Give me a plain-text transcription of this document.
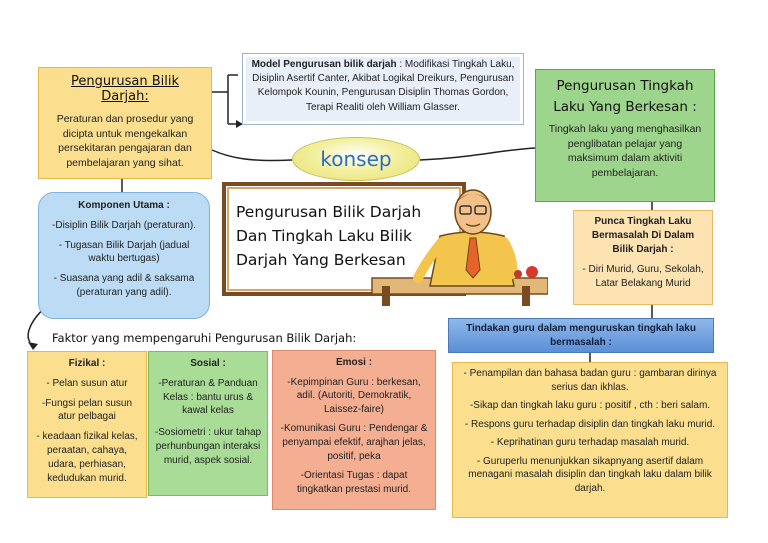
Model Pengurusan bilik darjah : Modifikasi Tingkah Laku, Disiplin Asertif Canter, Akibat Logikal Dreikurs, Pengurusan Kelompok Kounin, Pengurusan Disiplin Thomas Gordon, Terapi Realiti oleh William Glasser.
Pengurusan Bilik Darjah:
Peraturan dan prosedur yang dicipta untuk mengekalkan persekitaran pengajaran dan pembelajaran yang sihat.
Pengurusan Tingkah Laku Yang Berkesan :
Tingkah laku yang menghasilkan penglibatan pelajar yang maksimum dalam aktiviti pembelajaran.
konsep
Pengurusan Bilik Darjah
Dan Tingkah Laku Bilik
Darjah Yang Berkesan
Komponen Utama :
-Disiplin Bilik Darjah (peraturan).
- Tugasan Bilik Darjah (jadual waktu bertugas)
- Suasana yang adil & saksama (peraturan yang adil).
Punca Tingkah Laku Bermasalah Di Dalam Bilik Darjah :
- Diri Murid, Guru, Sekolah, Latar Belakang Murid
Tindakan guru dalam menguruskan tingkah laku bermasalah :
- Penampilan dan bahasa badan guru : gambaran dirinya serius dan ikhlas.
-Sikap dan tingkah laku guru : positif , cth : beri salam.
- Respons guru terhadap disiplin dan tingkah laku murid.
- Keprihatinan guru terhadap masalah murid.
- Guruperlu menunjukkan sikapnyang asertif dalam menagani masalah disiplin dan tingkah laku dalam bilik darjah.
Faktor yang mempengaruhi Pengurusan Bilik Darjah:
Fizikal :
- Pelan susun atur
-Fungsi pelan susun atur pelbagai
- keadaan fizikal kelas, peraatan, cahaya, udara, perhiasan, kedudukan murid.
Sosial :
-Peraturan & Panduan Kelas : bantu urus & kawal kelas
-Sosiometri : ukur tahap perhunbungan interaksi murid, aspek sosial.
Emosi :
-Kepimpinan Guru : berkesan, adil. (Autoriti, Demokratik, Laissez-faire)
-Komunikasi Guru : Pendengar & penyampai efektif, arajhan jelas, positif, peka
-Orientasi Tugas : dapat tingkatkan prestasi murid.
